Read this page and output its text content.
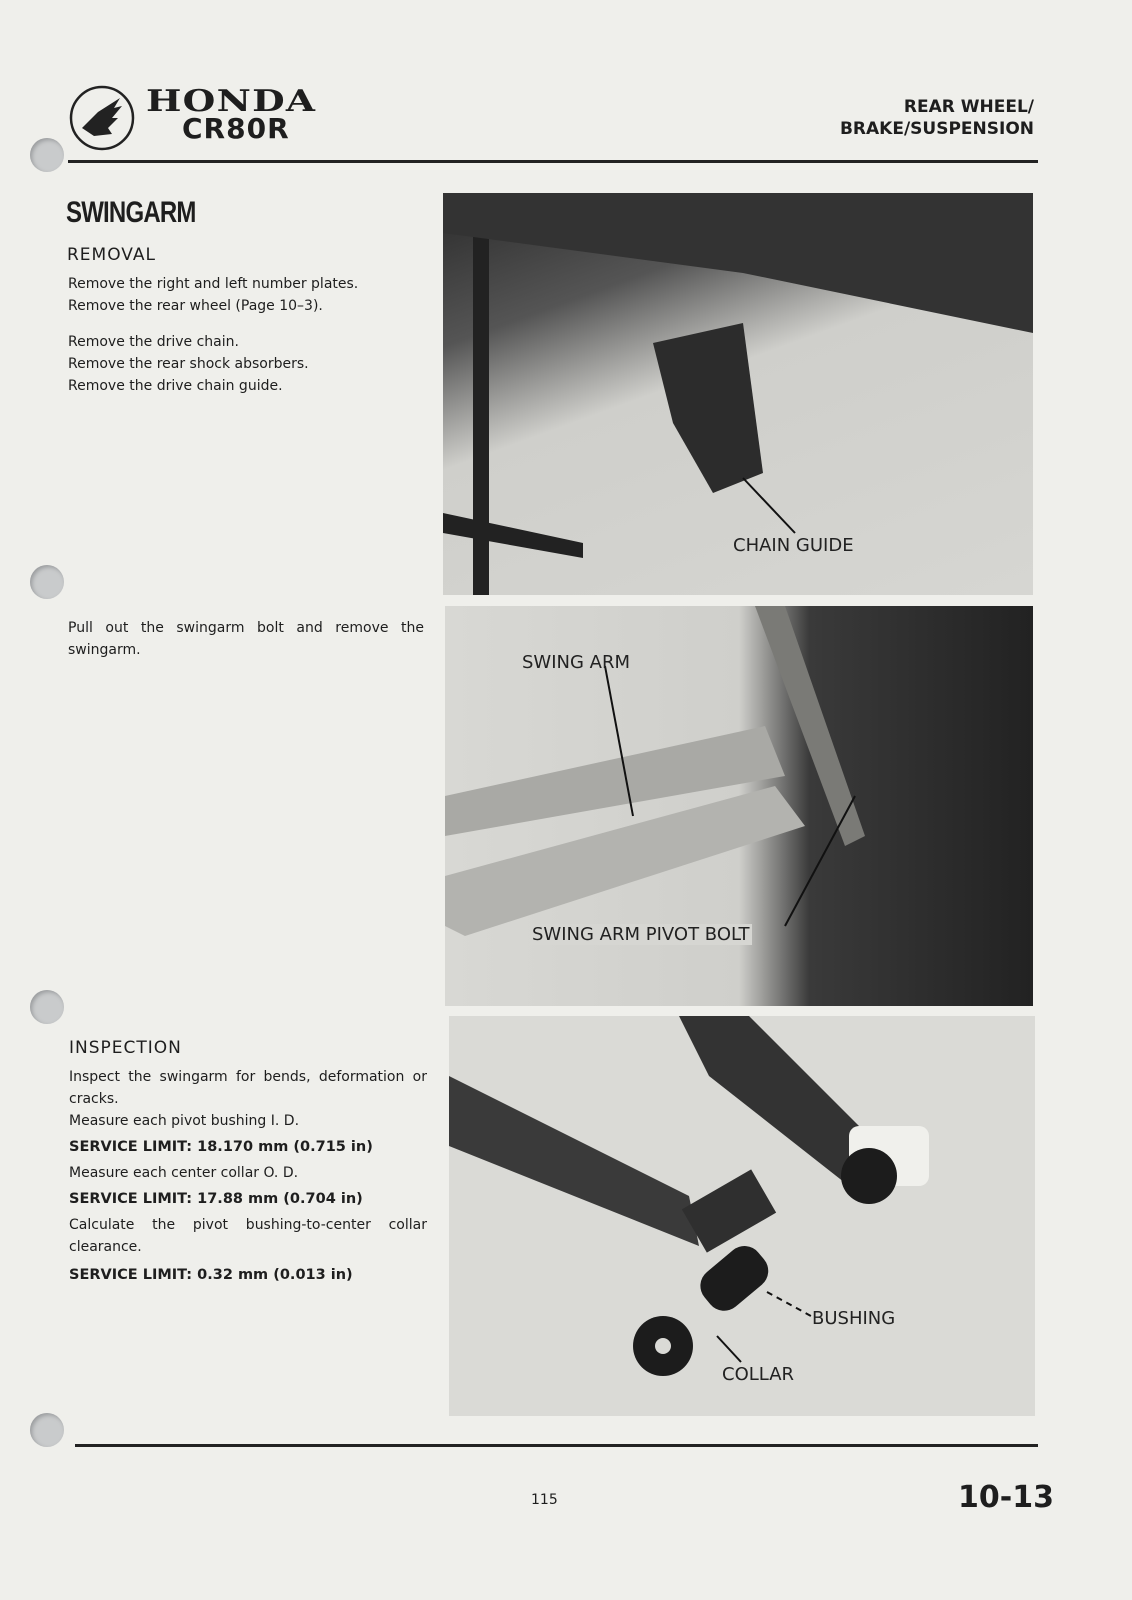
HONDA
CR80R
REAR WHEEL/
BRAKE/SUSPENSION
SWINGARM
REMOVAL
Remove the right and left number plates.
Remove the rear wheel (Page 10–3).
Remove the drive chain.
Remove the rear shock absorbers.
Remove the drive chain guide.
Pull out the swingarm bolt and remove the swingarm.
INSPECTION
Inspect the swingarm for bends, deformation or cracks.
Measure each pivot bushing I. D.
SERVICE LIMIT: 18.170 mm (0.715 in)
Measure each center collar O. D.
SERVICE LIMIT: 17.88 mm (0.704 in)
Calculate the pivot bushing-to-center collar clearance.
SERVICE LIMIT: 0.32 mm (0.013 in)
CHAIN GUIDE
SWING ARM
SWING ARM PIVOT BOLT
BUSHING
COLLAR
115	10-13
